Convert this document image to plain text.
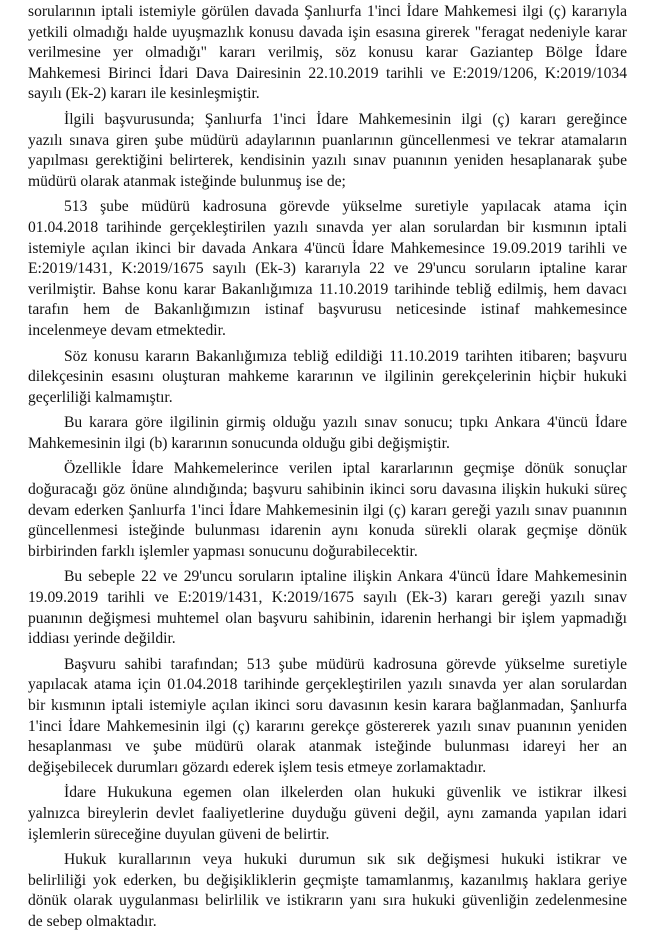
sorularının iptali istemiyle görülen davada Şanlıurfa 1'inci İdare Mahkemesi ilgi (ç) kararıyla
yetkili olmadığı halde uyuşmazlık konusu davada işin esasına girerek "feragat nedeniyle karar
verilmesine yer olmadığı" kararı verilmiş, söz konusu karar Gaziantep Bölge İdare
Mahkemesi Birinci İdari Dava Dairesinin 22.10.2019 tarihli ve E:2019/1206, K:2019/1034
sayılı (Ek-2) kararı ile kesinleşmiştir.
İlgili başvurusunda; Şanlıurfa 1'inci İdare Mahkemesinin ilgi (ç) kararı gereğince
yazılı sınava giren şube müdürü adaylarının puanlarının güncellenmesi ve tekrar atamaların
yapılması gerektiğini belirterek, kendisinin yazılı sınav puanının yeniden hesaplanarak şube
müdürü olarak atanmak isteğinde bulunmuş ise de;
513 şube müdürü kadrosuna görevde yükselme suretiyle yapılacak atama için
01.04.2018 tarihinde gerçekleştirilen yazılı sınavda yer alan sorulardan bir kısmının iptali
istemiyle açılan ikinci bir davada Ankara 4'üncü İdare Mahkemesince 19.09.2019 tarihli ve
E:2019/1431, K:2019/1675 sayılı (Ek-3) kararıyla 22 ve 29'uncu soruların iptaline karar
verilmiştir. Bahse konu karar Bakanlığımıza 11.10.2019 tarihinde tebliğ edilmiş, hem davacı
tarafın hem de Bakanlığımızın istinaf başvurusu neticesinde istinaf mahkemesince
incelenmeye devam etmektedir.
Söz konusu kararın Bakanlığımıza tebliğ edildiği 11.10.2019 tarihten itibaren; başvuru
dilekçesinin esasını oluşturan mahkeme kararının ve ilgilinin gerekçelerinin hiçbir hukuki
geçerliliği kalmamıştır.
Bu karara göre ilgilinin girmiş olduğu yazılı sınav sonucu; tıpkı Ankara 4'üncü İdare
Mahkemesinin ilgi (b) kararının sonucunda olduğu gibi değişmiştir.
Özellikle İdare Mahkemelerince verilen iptal kararlarının geçmişe dönük sonuçlar
doğuracağı göz önüne alındığında; başvuru sahibinin ikinci soru davasına ilişkin hukuki süreç
devam ederken Şanlıurfa 1'inci İdare Mahkemesinin ilgi (ç) kararı gereği yazılı sınav puanının
güncellenmesi isteğinde bulunması idarenin aynı konuda sürekli olarak geçmişe dönük
birbirinden farklı işlemler yapması sonucunu doğurabilecektir.
Bu sebeple 22 ve 29'uncu soruların iptaline ilişkin Ankara 4'üncü İdare Mahkemesinin
19.09.2019 tarihli ve E:2019/1431, K:2019/1675 sayılı (Ek-3) kararı gereği yazılı sınav
puanının değişmesi muhtemel olan başvuru sahibinin, idarenin herhangi bir işlem yapmadığı
iddiası yerinde değildir.
Başvuru sahibi tarafından; 513 şube müdürü kadrosuna görevde yükselme suretiyle
yapılacak atama için 01.04.2018 tarihinde gerçekleştirilen yazılı sınavda yer alan sorulardan
bir kısmının iptali istemiyle açılan ikinci soru davasının kesin karara bağlanmadan, Şanlıurfa
1'inci İdare Mahkemesinin ilgi (ç) kararını gerekçe göstererek yazılı sınav puanının yeniden
hesaplanması ve şube müdürü olarak atanmak isteğinde bulunması idareyi her an
değişebilecek durumları gözardı ederek işlem tesis etmeye zorlamaktadır.
İdare Hukukuna egemen olan ilkelerden olan hukuki güvenlik ve istikrar ilkesi
yalnızca bireylerin devlet faaliyetlerine duyduğu güveni değil, aynı zamanda yapılan idari
işlemlerin süreceğine duyulan güveni de belirtir.
Hukuk kurallarının veya hukuki durumun sık sık değişmesi hukuki istikrar ve
belirliliği yok ederken, bu değişikliklerin geçmişte tamamlanmış, kazanılmış haklara geriye
dönük olarak uygulanması belirlilik ve istikrarın yanı sıra hukuki güvenliğin zedelenmesine
de sebep olmaktadır.
